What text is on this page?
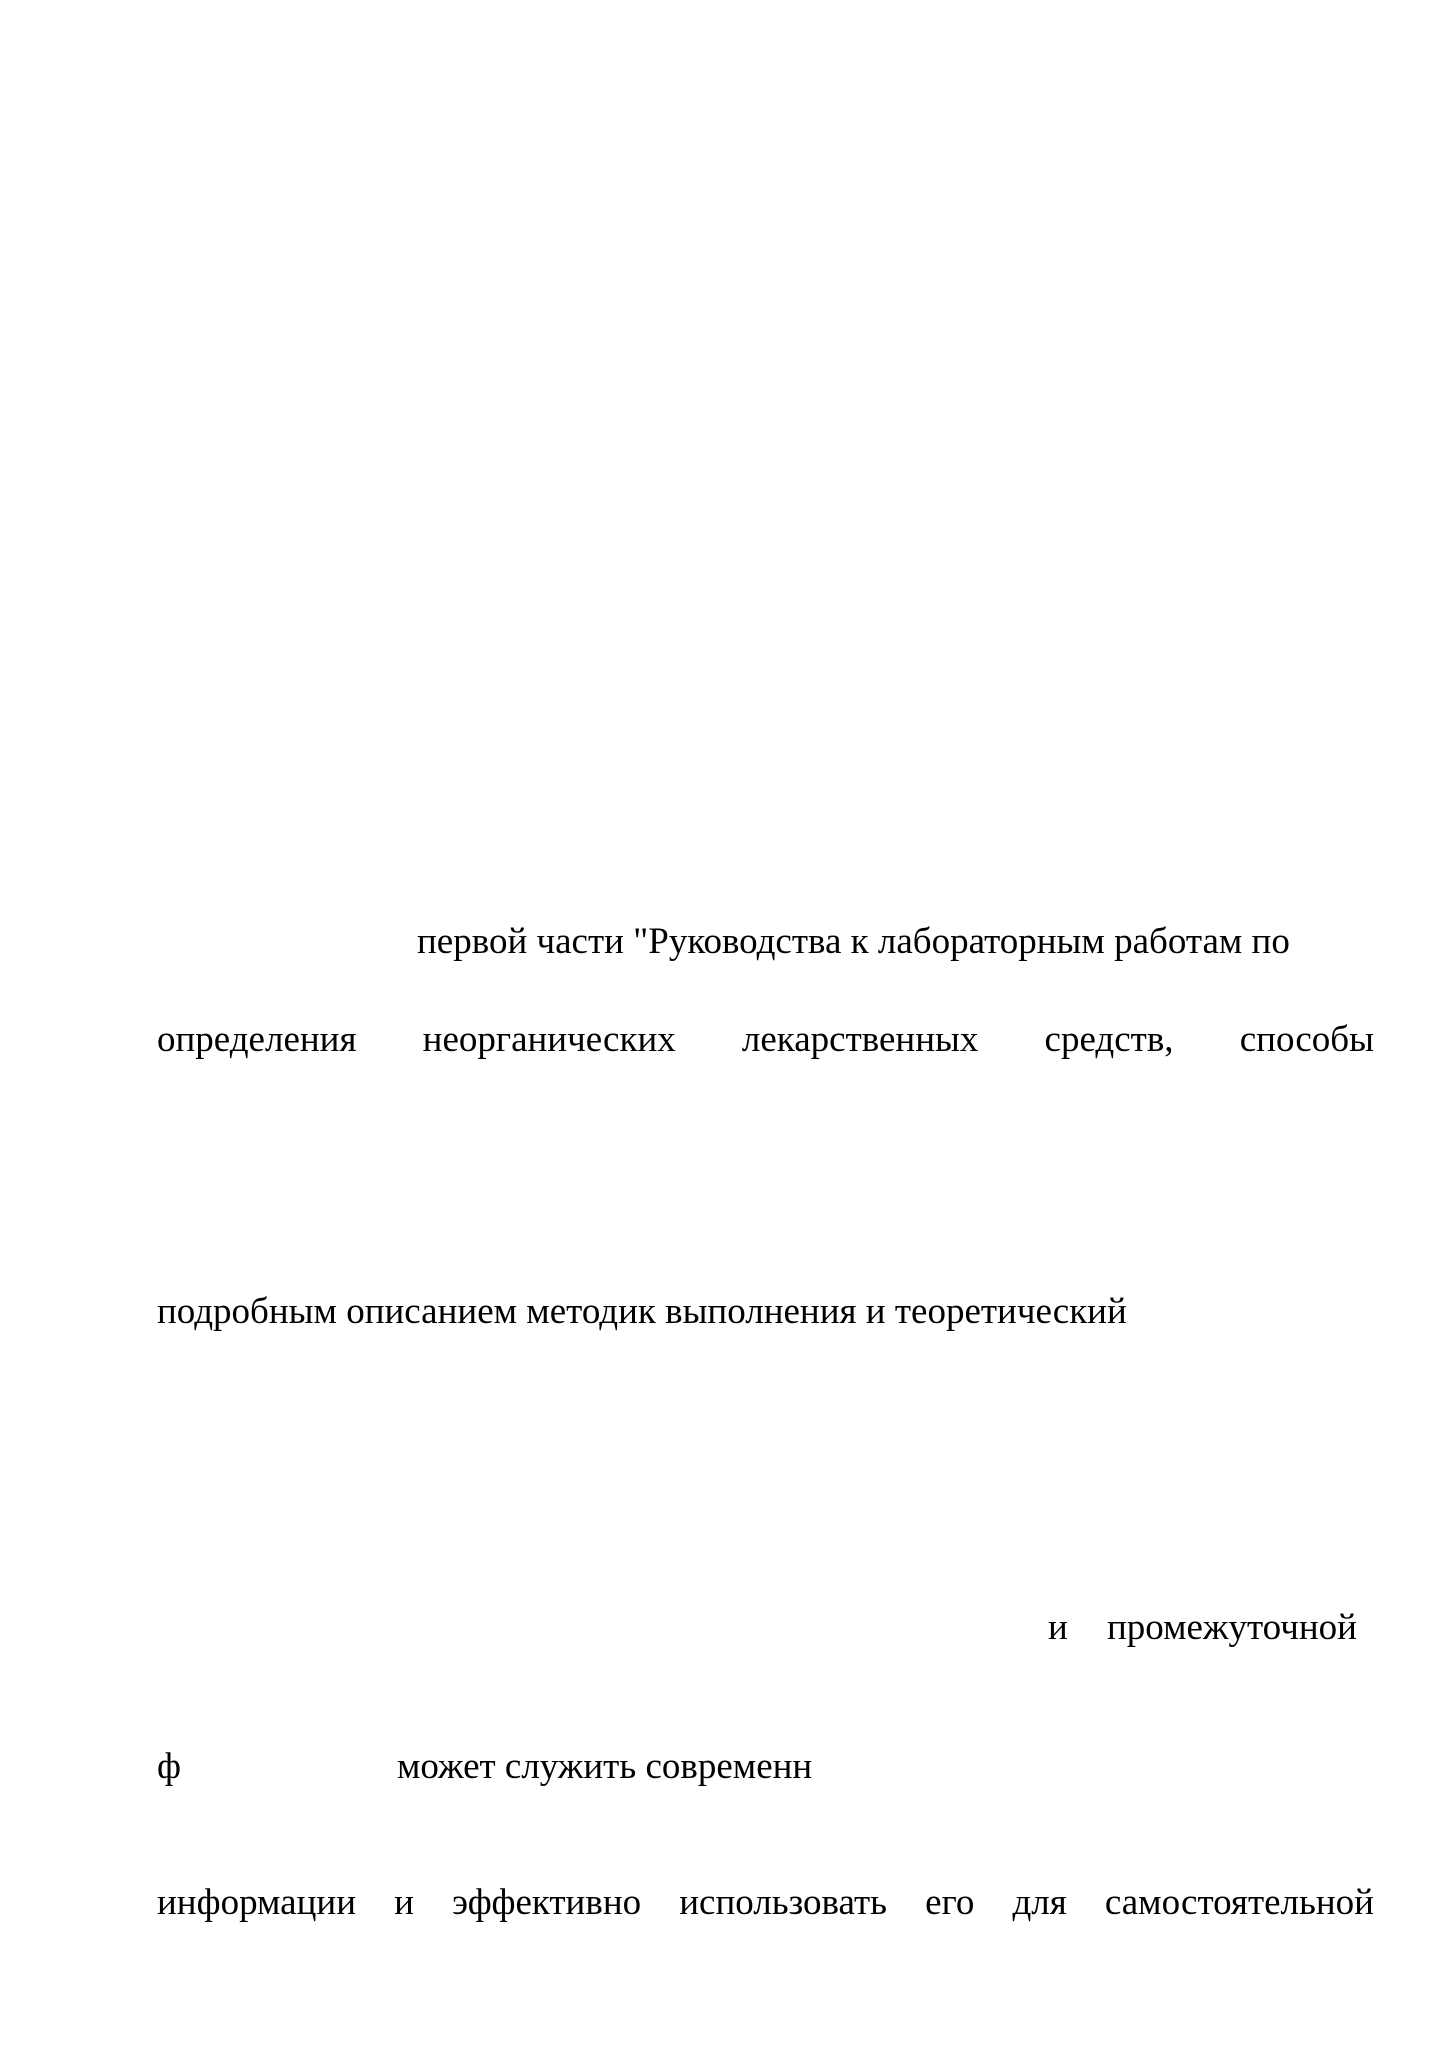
первой части "Руководства к лабораторным работам по
определения неорганических лекарственных средств, способы
подробным описанием методик выполнения и теоретический
и промежуточной
ф	может служить современн
информации и эффективно использовать его для самостоятельной
